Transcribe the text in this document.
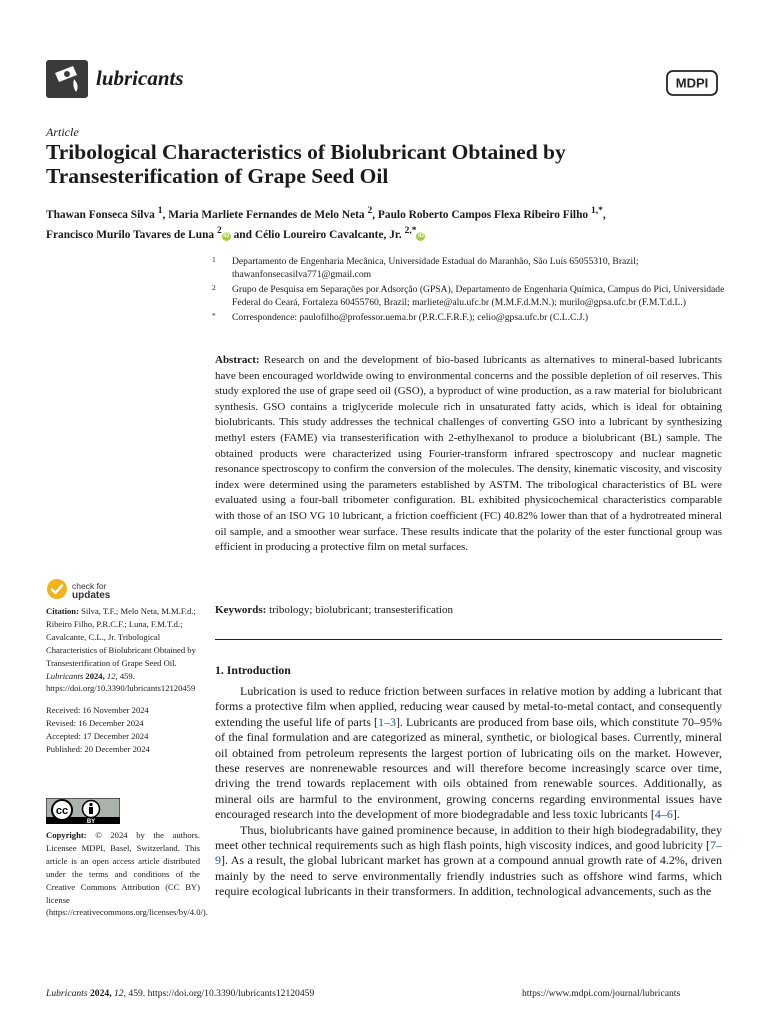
lubricants	MDPI
Article
Tribological Characteristics of Biolubricant Obtained by Transesterification of Grape Seed Oil
Thawan Fonseca Silva $^1$, Maria Marliete Fernandes de Melo Neta $^2$, Paulo Roberto Campos Flexa Ribeiro Filho $^{1,*}$,
Francisco Murilo Tavares de Luna $^2$ iD and Célio Loureiro Cavalcante, Jr. $^{2,*}$ iD
1 Departamento de Engenharia Mecânica, Universidade Estadual do Maranhão, São Luís 65055310, Brazil; thawanfonsecasilva771@gmail.com
2 Grupo de Pesquisa em Separações por Adsorção (GPSA), Departamento de Engenharia Química, Campus do Pici, Universidade Federal do Ceará, Fortaleza 60455760, Brazil; marliete@alu.ufc.br (M.M.F.d.M.N.); murilo@gpsa.ufc.br (F.M.T.d.L.)
* Correspondence: paulofilho@professor.uema.br (P.R.C.F.R.F.); celio@gpsa.ufc.br (C.L.C.J.)
Abstract: Research on and the development of bio-based lubricants as alternatives to mineral-based lubricants have been encouraged worldwide owing to environmental concerns and the possible depletion of oil reserves. This study explored the use of grape seed oil (GSO), a byproduct of wine production, as a raw material for biolubricant synthesis. GSO contains a triglyceride molecule rich in unsaturated fatty acids, which is ideal for obtaining biolubricants. This study addresses the technical challenges of converting GSO into a lubricant by synthesizing methyl esters (FAME) via transesterification with 2-ethylhexanol to produce a biolubricant (BL) sample. The obtained products were characterized using Fourier-transform infrared spectroscopy and nuclear magnetic resonance spectroscopy to confirm the conversion of the molecules. The density, kinematic viscosity, and viscosity index were determined using the parameters established by ASTM. The tribological characteristics of BL were evaluated using a four-ball tribometer configuration. BL exhibited physicochemical characteristics comparable with those of an ISO VG 10 lubricant, a friction coefficient (FC) 40.82% lower than that of a hydrotreated mineral oil sample, and a smoother wear surface. These results indicate that the polarity of the ester functional group was efficient in producing a protective film on metal surfaces.
Keywords: tribology; biolubricant; transesterification
1. Introduction

Lubrication is used to reduce friction between surfaces in relative motion by adding a lubricant that forms a protective film when applied, reducing wear caused by metal-to-metal contact, and consequently extending the useful life of parts [1–3]. Lubricants are produced from base oils, which constitute 70–95% of the final formulation and are categorized as mineral, synthetic, or biological bases. Currently, mineral oil obtained from petroleum represents the largest portion of lubricating oils on the market. However, these reserves are nonrenewable resources and will therefore become increasingly scarce over time, driving the trend towards replacement with oils obtained from renewable sources. Additionally, as mineral oils are harmful to the environment, growing concerns regarding environmental issues have encouraged research into the development of more biodegradable and less toxic lubricants [4–6].

Thus, biolubricants have gained prominence because, in addition to their high biodegradability, they meet other technical requirements such as high flash points, high viscosity indices, and good lubricity [7–9]. As a result, the global lubricant market has grown at a compound annual growth rate of 4.2%, driven mainly by the need to serve environmentally friendly industries such as offshore wind farms, which require ecological lubricants in their transformers. In addition, technological advancements, such as the

check for
updates

Citation: Silva, T.F.; Melo Neta, M.M.F.d.; Ribeiro Filho, P.R.C.F.; Luna, F.M.T.d.; Cavalcante, C.L., Jr. Tribological Characteristics of Biolubricant Obtained by Transesterification of Grape Seed Oil. Lubricants 2024, 12, 459. https://doi.org/10.3390/lubricants12120459

Received: 16 November 2024
Revised: 16 December 2024
Accepted: 17 December 2024
Published: 20 December 2024

cc
BY
Copyright: © 2024 by the authors. Licensee MDPI, Basel, Switzerland. This article is an open access article distributed under the terms and conditions of the Creative Commons Attribution (CC BY) license (https://creativecommons.org/licenses/by/4.0/).
Lubricants 2024, 12, 459. https://doi.org/10.3390/lubricants12120459	https://www.mdpi.com/journal/lubricants
